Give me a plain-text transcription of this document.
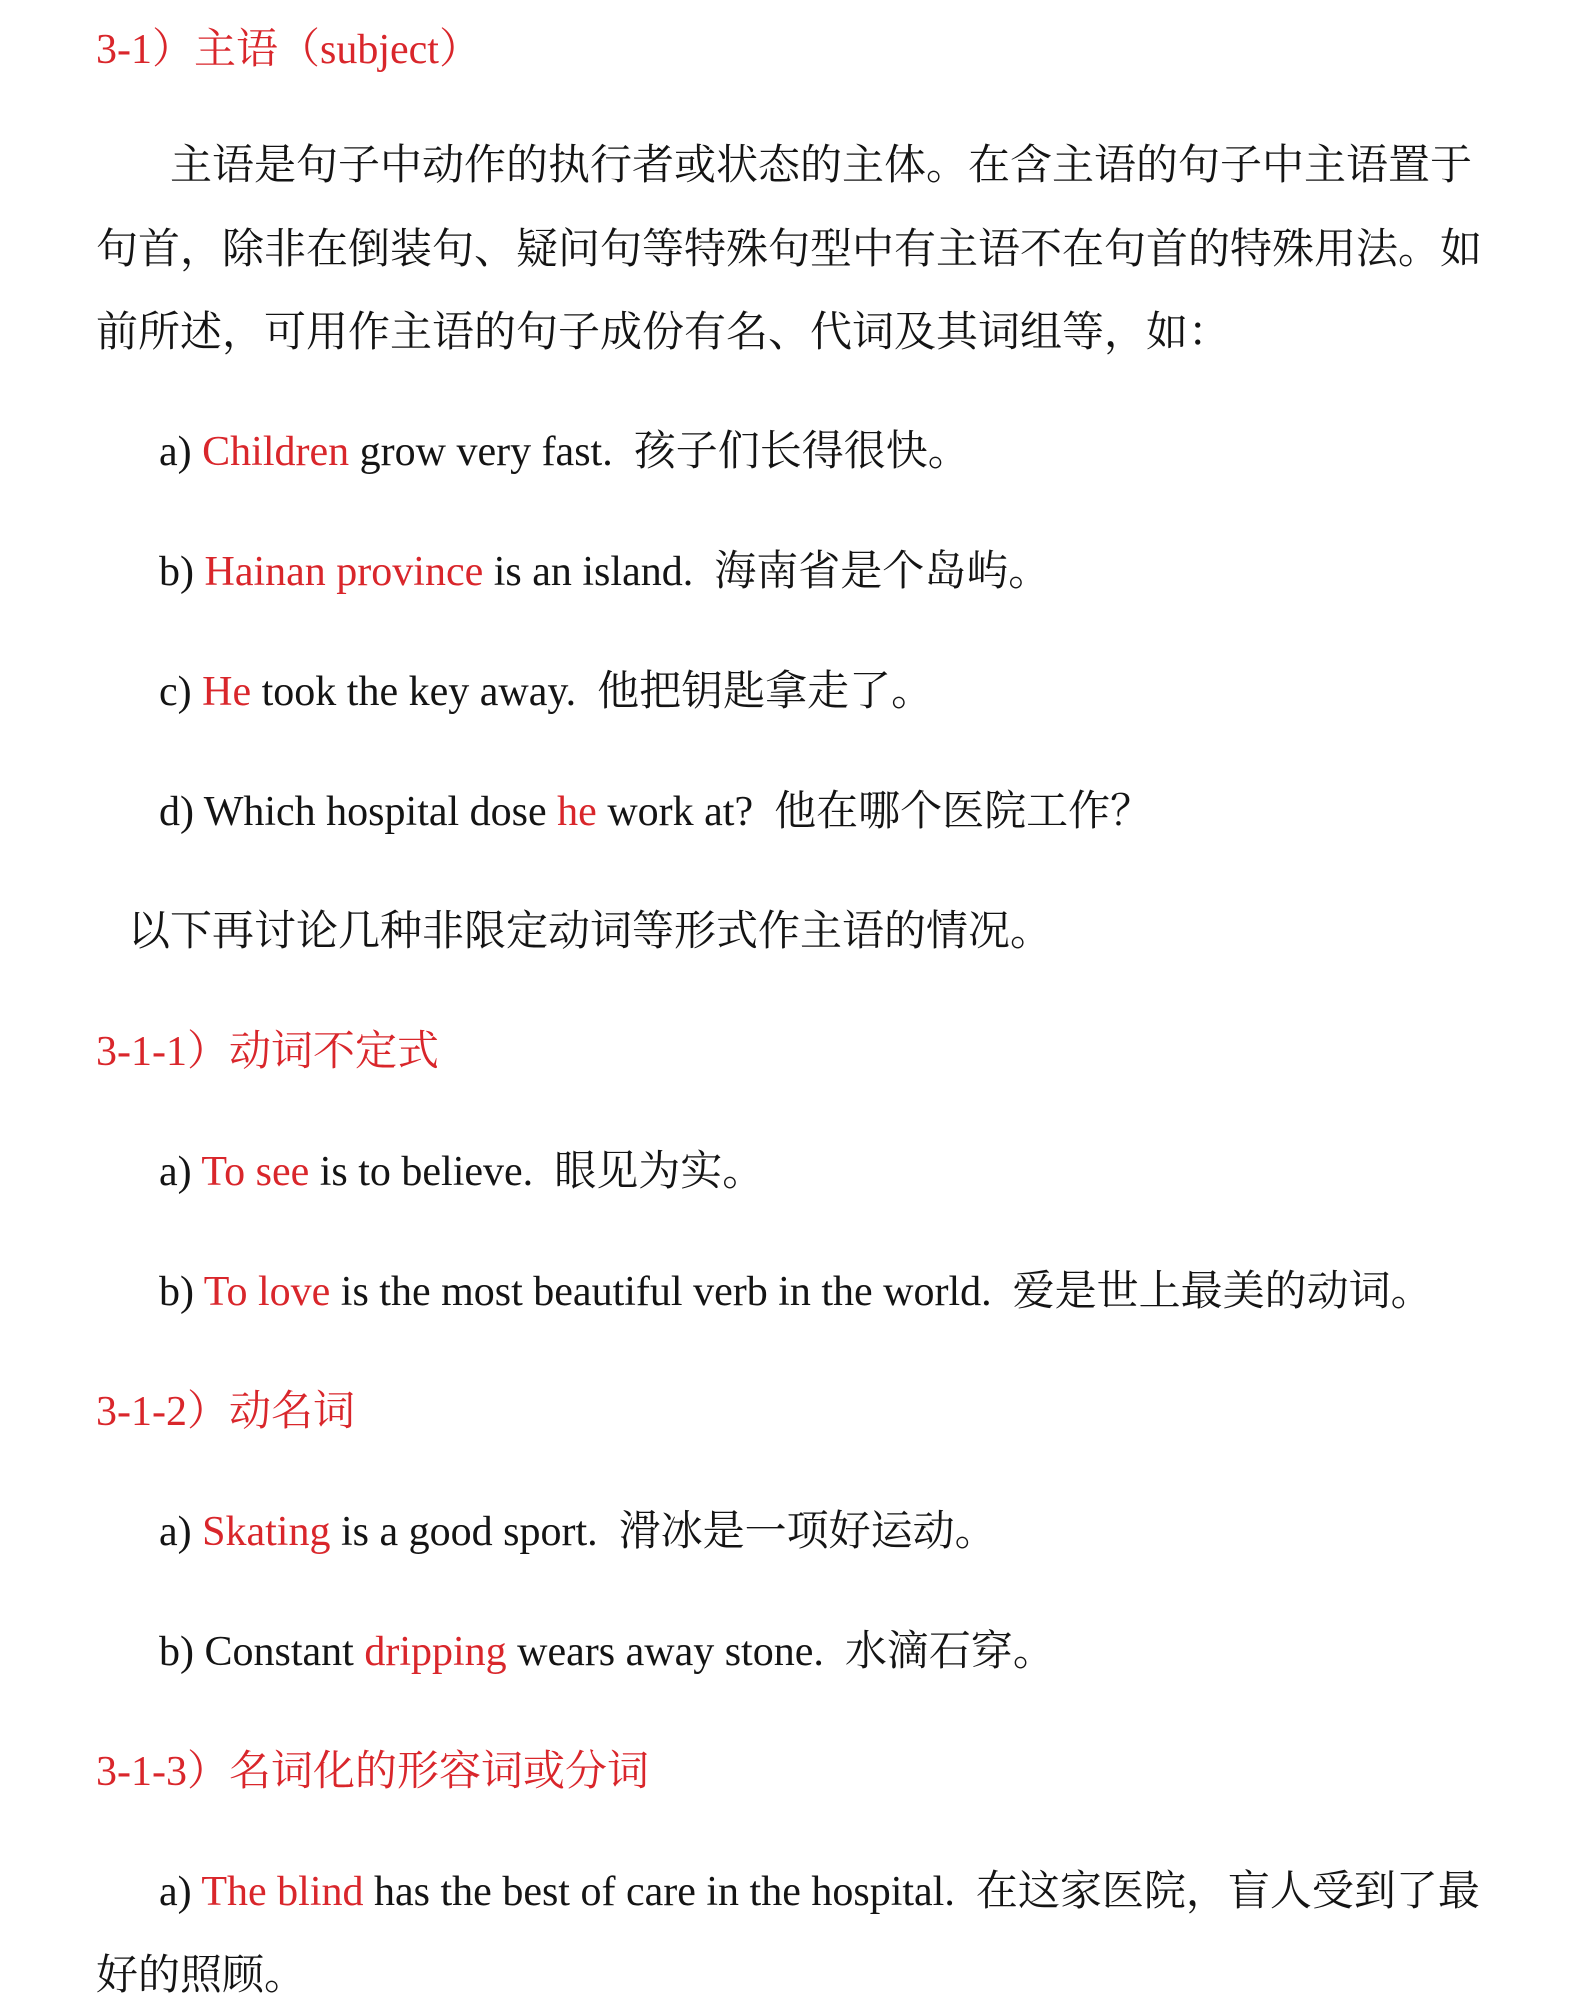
3-1）主语（subject）

主语是句子中动作的执行者或状态的主体。在含主语的句子中主语置于

句首，除非在倒装句、疑问句等特殊句型中有主语不在句首的特殊用法。如

前所述，可用作主语的句子成份有名、代词及其词组等，如：

a) Children grow very fast. 孩子们长得很快。

b) Hainan province is an island. 海南省是个岛屿。

c) He took the key away. 他把钥匙拿走了。

d) Which hospital dose he work at? 他在哪个医院工作？

以下再讨论几种非限定动词等形式作主语的情况。

3-1-1）动词不定式

a) To see is to believe. 眼见为实。

b) To love is the most beautiful verb in the world. 爱是世上最美的动词。

3-1-2）动名词

a) Skating is a good sport. 滑冰是一项好运动。

b) Constant dripping wears away stone. 水滴石穿。

3-1-3）名词化的形容词或分词

a) The blind has the best of care in the hospital. 在这家医院，盲人受到了最

好的照顾。
